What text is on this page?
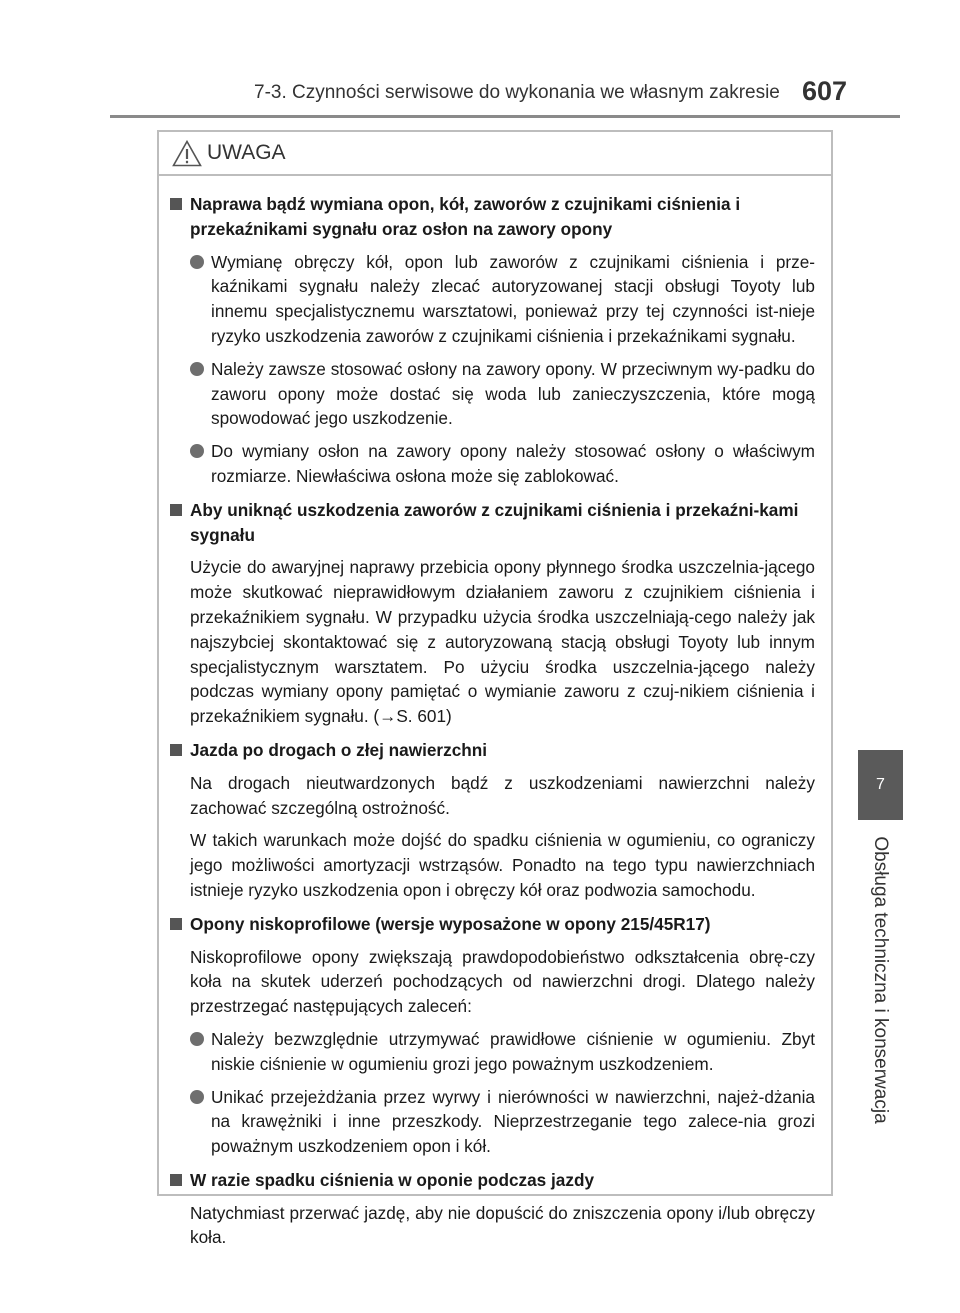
7-3. Czynności serwisowe do wykonania we własnym zakresie 607
7
Obsługa techniczna i konserwacja
UWAGA
Naprawa bądź wymiana opon, kół, zaworów z czujnikami ciśnienia i przekaźnikami sygnału oraz osłon na zawory opony
Wymianę obręczy kół, opon lub zaworów z czujnikami ciśnienia i prze-kaźnikami sygnału należy zlecać autoryzowanej stacji obsługi Toyoty lub innemu specjalistycznemu warsztatowi, ponieważ przy tej czynności ist-nieje ryzyko uszkodzenia zaworów z czujnikami ciśnienia i przekaźnikami sygnału.
Należy zawsze stosować osłony na zawory opony. W przeciwnym wy-padku do zaworu opony może dostać się woda lub zanieczyszczenia, które mogą spowodować jego uszkodzenie.
Do wymiany osłon na zawory opony należy stosować osłony o właściwym rozmiarze. Niewłaściwa osłona może się zablokować.
Aby uniknąć uszkodzenia zaworów z czujnikami ciśnienia i przekaźni-kami sygnału
Użycie do awaryjnej naprawy przebicia opony płynnego środka uszczelnia-jącego może skutkować nieprawidłowym działaniem zaworu z czujnikiem ciśnienia i przekaźnikiem sygnału. W przypadku użycia środka uszczelniają-cego należy jak najszybciej skontaktować się z autoryzowaną stacją obsługi Toyoty lub innym specjalistycznym warsztatem. Po użyciu środka uszczelnia-jącego należy podczas wymiany opony pamiętać o wymianie zaworu z czuj-nikiem ciśnienia i przekaźnikiem sygnału. (→S. 601)
Jazda po drogach o złej nawierzchni
Na drogach nieutwardzonych bądź z uszkodzeniami nawierzchni należy zachować szczególną ostrożność.
W takich warunkach może dojść do spadku ciśnienia w ogumieniu, co ograniczy jego możliwości amortyzacji wstrząsów. Ponadto na tego typu nawierzchniach istnieje ryzyko uszkodzenia opon i obręczy kół oraz podwozia samochodu.
Opony niskoprofilowe (wersje wyposażone w opony 215/45R17)
Niskoprofilowe opony zwiększają prawdopodobieństwo odkształcenia obrę-czy koła na skutek uderzeń pochodzących od nawierzchni drogi. Dlatego należy przestrzegać następujących zaleceń:
Należy bezwzględnie utrzymywać prawidłowe ciśnienie w ogumieniu. Zbyt niskie ciśnienie w ogumieniu grozi jego poważnym uszkodzeniem.
Unikać przejeżdżania przez wyrwy i nierówności w nawierzchni, najeż-dżania na krawężniki i inne przeszkody. Nieprzestrzeganie tego zalece-nia grozi poważnym uszkodzeniem opon i kół.
W razie spadku ciśnienia w oponie podczas jazdy
Natychmiast przerwać jazdę, aby nie dopuścić do zniszczenia opony i/lub obręczy koła.
